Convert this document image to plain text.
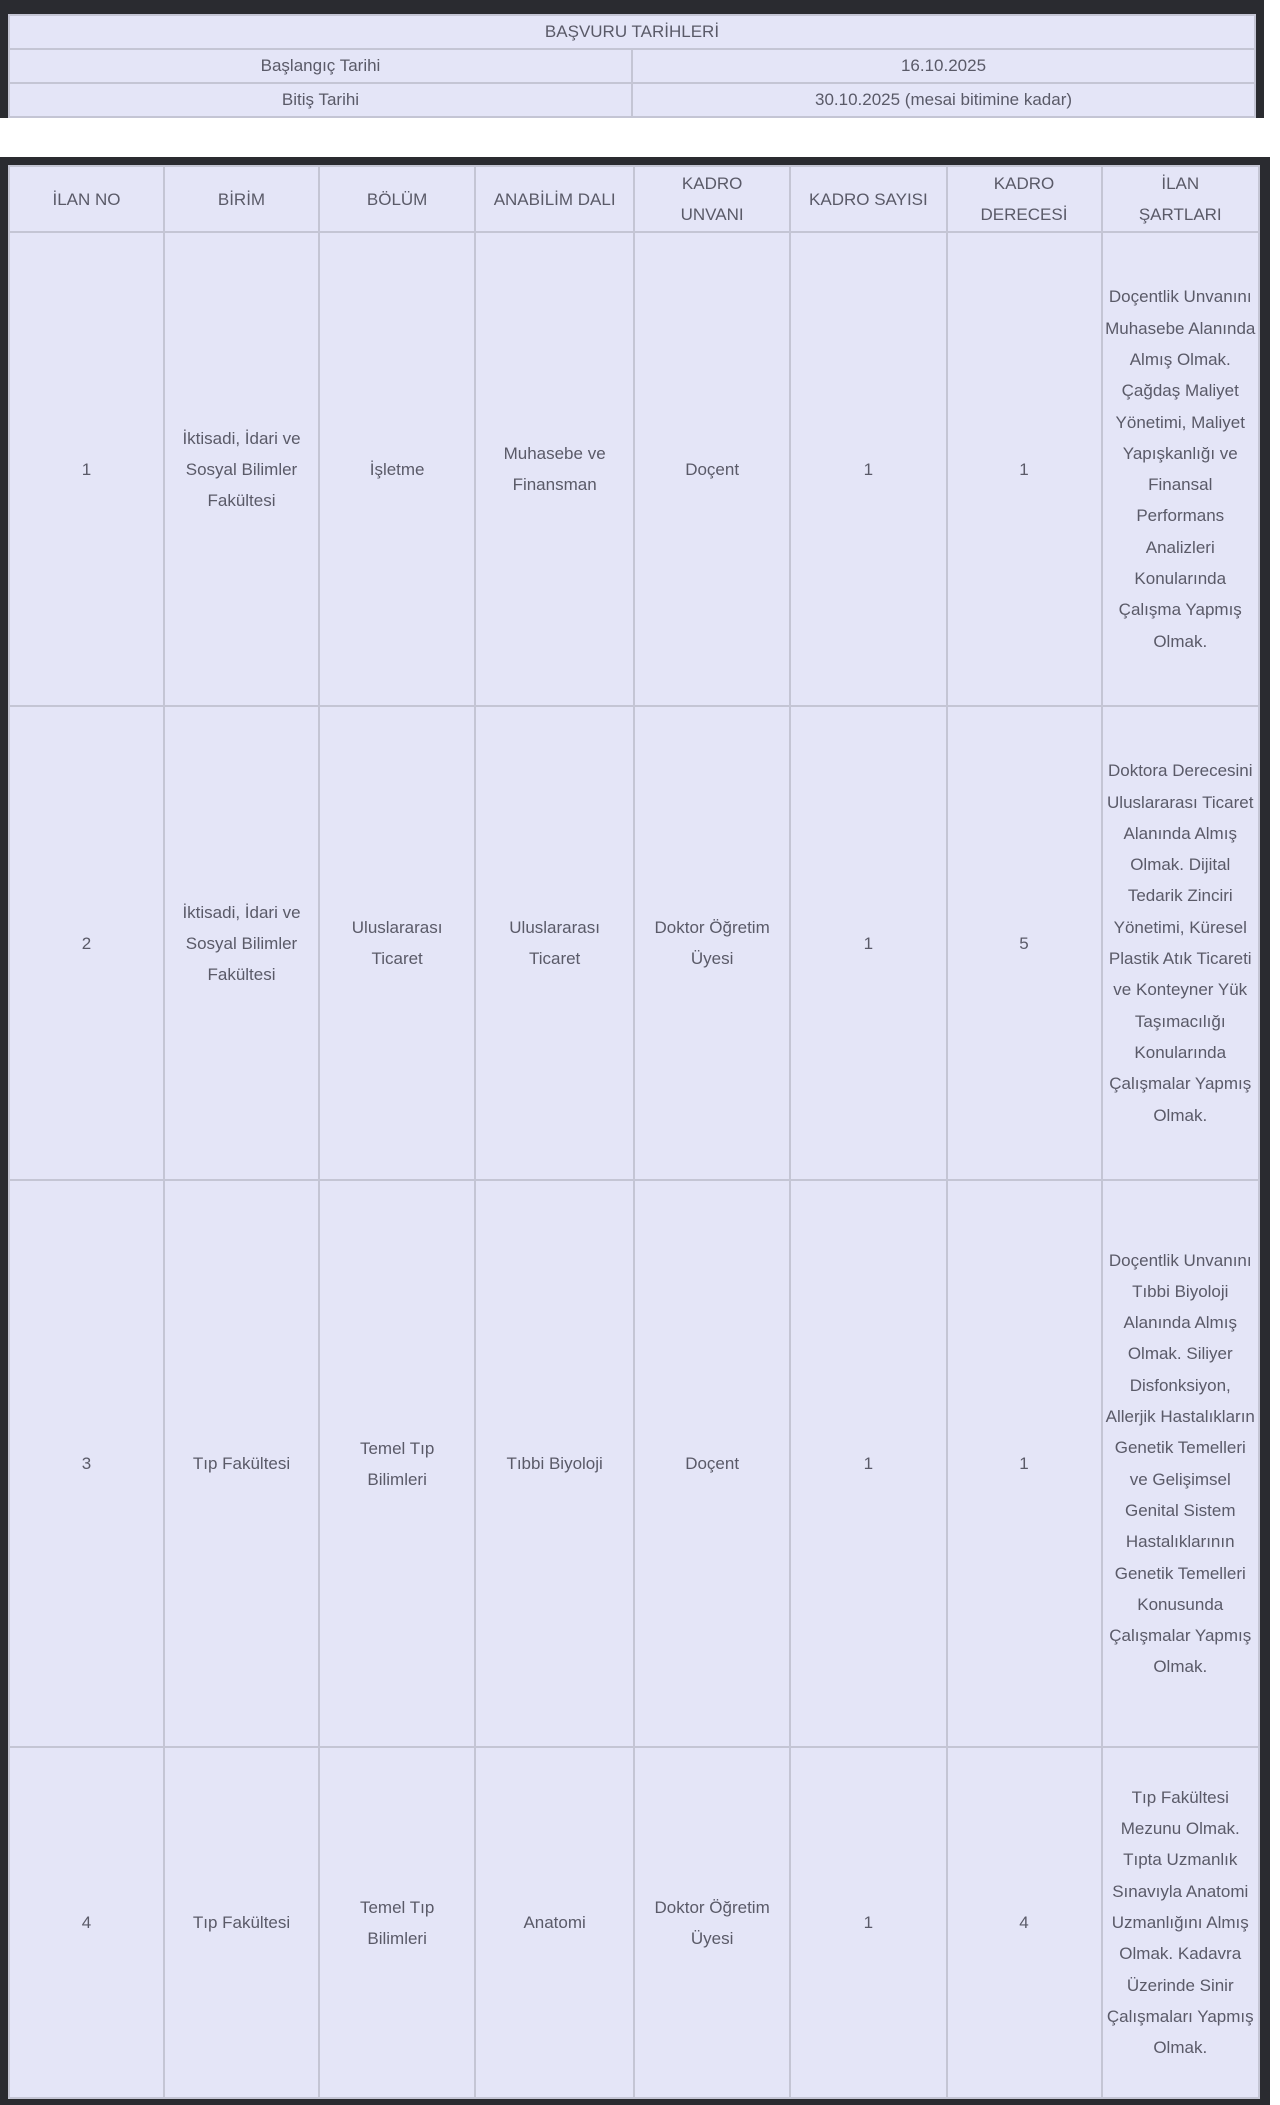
BAŞVURU TARİHLERİ	
Başlangıç Tarihi	16.10.2025
Bitiş Tarihi	30.10.2025 (mesai bitimine kadar)
İLAN NO	BİRİM	BÖLÜM	ANABİLİM DALI	KADRO UNVANI	KADRO SAYISI	KADRO DERECESİ	İLAN ŞARTLARI
1	İktisadi, İdari ve Sosyal Bilimler Fakültesi	İşletme	Muhasebe ve Finansman	Doçent	1	1	Doçentlik Unvanını Muhasebe Alanında Almış Olmak. Çağdaş Maliyet Yönetimi, Maliyet Yapışkanlığı ve Finansal Performans Analizleri Konularında Çalışma Yapmış Olmak.
2	İktisadi, İdari ve Sosyal Bilimler Fakültesi	Uluslararası Ticaret	Uluslararası Ticaret	Doktor Öğretim Üyesi	1	5	Doktora Derecesini Uluslararası Ticaret Alanında Almış Olmak. Dijital Tedarik Zinciri Yönetimi, Küresel Plastik Atık Ticareti ve Konteyner Yük Taşımacılığı Konularında Çalışmalar Yapmış Olmak.
3	Tıp Fakültesi	Temel Tıp Bilimleri	Tıbbi Biyoloji	Doçent	1	1	Doçentlik Unvanını Tıbbi Biyoloji Alanında Almış Olmak. Siliyer Disfonksiyon, Allerjik Hastalıkların Genetik Temelleri ve Gelişimsel Genital Sistem Hastalıklarının Genetik Temelleri Konusunda Çalışmalar Yapmış Olmak.
4	Tıp Fakültesi	Temel Tıp Bilimleri	Anatomi	Doktor Öğretim Üyesi	1	4	Tıp Fakültesi Mezunu Olmak. Tıpta Uzmanlık Sınavıyla Anatomi Uzmanlığını Almış Olmak. Kadavra Üzerinde Sinir Çalışmaları Yapmış Olmak.
